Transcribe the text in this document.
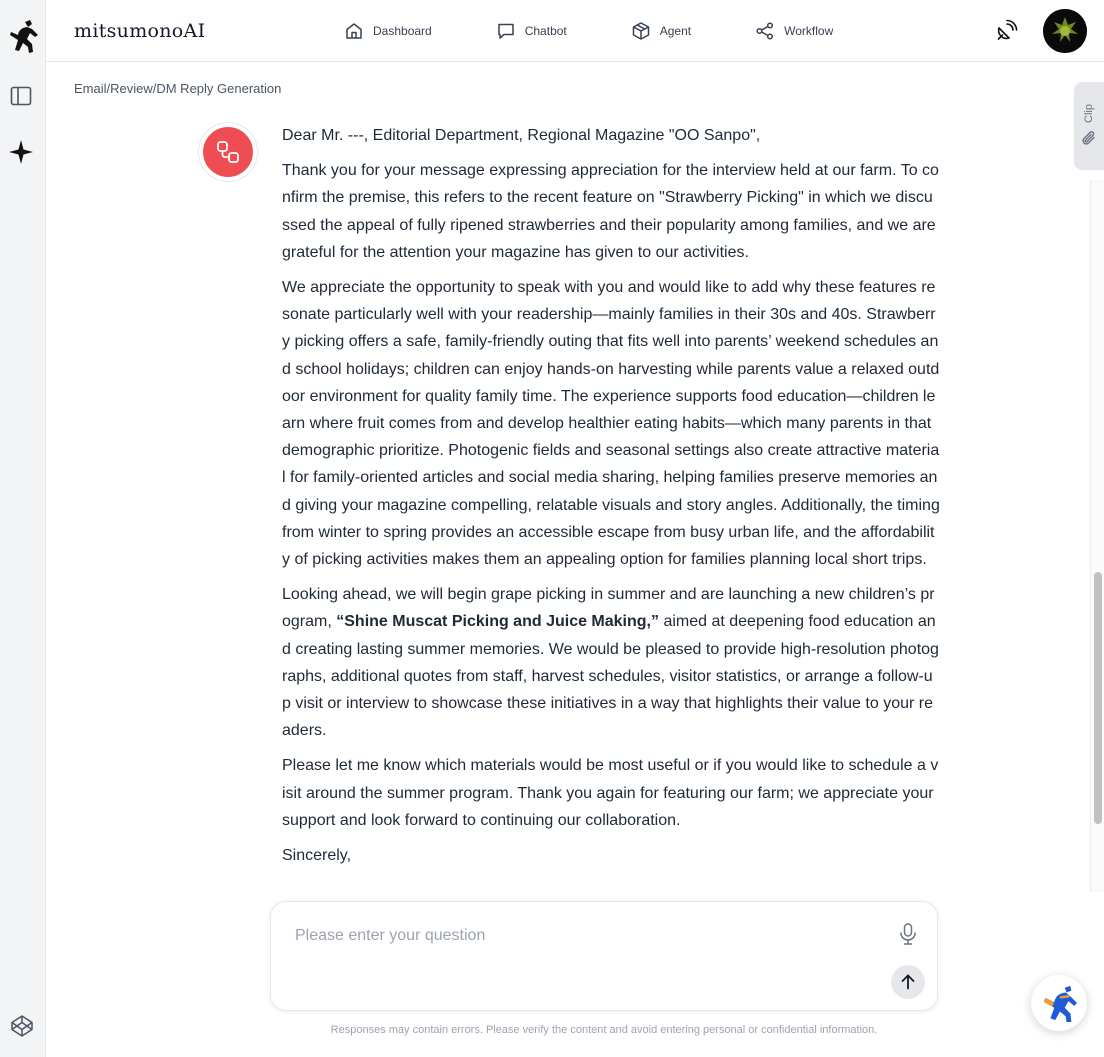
mitsumonoAI	Dashboard	Chatbot	Agent	Workflow
Email/Review/DM Reply Generation
Clip

Dear Mr. ---, Editorial Department, Regional Magazine "OO Sanpo",

Thank you for your message expressing appreciation for the interview held at our farm. To confirm the premise, this refers to the recent feature on "Strawberry Picking" in which we discussed the appeal of fully ripened strawberries and their popularity among families, and we are grateful for the attention your magazine has given to our activities.

We appreciate the opportunity to speak with you and would like to add why these features resonate particularly well with your readership—mainly families in their 30s and 40s. Strawberry picking offers a safe, family-friendly outing that fits well into parents’ weekend schedules and school holidays; children can enjoy hands-on harvesting while parents value a relaxed outdoor environment for quality family time. The experience supports food education—children learn where fruit comes from and develop healthier eating habits—which many parents in that demographic prioritize. Photogenic fields and seasonal settings also create attractive material for family-oriented articles and social media sharing, helping families preserve memories and giving your magazine compelling, relatable visuals and story angles. Additionally, the timing from winter to spring provides an accessible escape from busy urban life, and the affordability of picking activities makes them an appealing option for families planning local short trips.

Looking ahead, we will begin grape picking in summer and are launching a new children’s program, “Shine Muscat Picking and Juice Making,” aimed at deepening food education and creating lasting summer memories. We would be pleased to provide high-resolution photographs, additional quotes from staff, harvest schedules, visitor statistics, or arrange a follow-up visit or interview to showcase these initiatives in a way that highlights their value to your readers.

Please let me know which materials would be most useful or if you would like to schedule a visit around the summer program. Thank you again for featuring our farm; we appreciate your support and look forward to continuing our collaboration.

Sincerely,

Please enter your question
Responses may contain errors. Please verify the content and avoid entering personal or confidential information.
